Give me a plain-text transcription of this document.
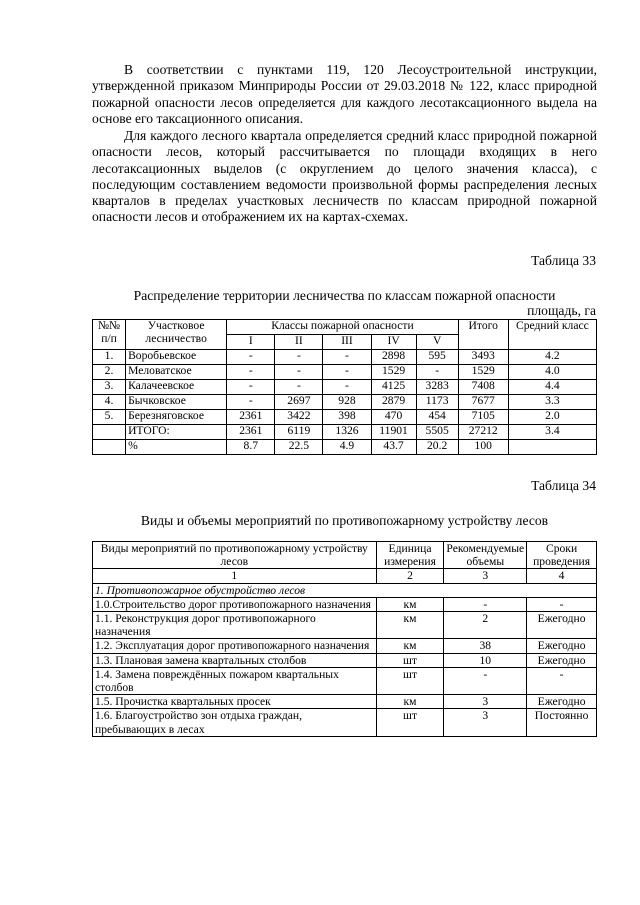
В соответствии с пунктами 119, 120 Лесоустроительной инструкции, утвержденной приказом Минприроды России от 29.03.2018 № 122, класс природной пожарной опасности лесов определяется для каждого лесотаксационного выдела на основе его таксационного описания.

Для каждого лесного квартала определяется средний класс природной пожарной опасности лесов, который рассчитывается по площади входящих в него лесотаксационных выделов (с округлением до целого значения класса), с последующим составлением ведомости произвольной формы распределения лесных кварталов в пределах участковых лесничеств по классам природной пожарной опасности лесов и отображением их на картах-схемах.

Таблица 33

Распределение территории лесничества по классам пожарной опасности

площадь, га

№№ п/п	Участковое лесничество	Классы пожарной опасности					Итого	Средний класс
		I	II	III	IV	V		
1.	Воробьевское	-	-	-	2898	595	3493	4.2
2.	Меловатское	-	-	-	1529	-	1529	4.0
3.	Калачеевское	-	-	-	4125	3283	7408	4.4
4.	Бычковское	-	2697	928	2879	1173	7677	3.3
5.	Березняговское	2361	3422	398	470	454	7105	2.0
	ИТОГО:	2361	6119	1326	11901	5505	27212	3.4
	%	8.7	22.5	4.9	43.7	20.2	100	

Таблица 34

Виды и объемы мероприятий по противопожарному устройству лесов

Виды мероприятий по противопожарному устройству лесов	Единица измерения	Рекомендуемые объемы	Сроки проведения
1	2	3	4
1. Противопожарное обустройство лесов			
1.0.Строительство дорог противопожарного назначения	км	-	-
1.1. Реконструкция дорог противопожарного назначения	км	2	Ежегодно
1.2. Эксплуатация дорог противопожарного назначения	км	38	Ежегодно
1.3. Плановая замена квартальных столбов	шт	10	Ежегодно
1.4. Замена повреждённых пожаром квартальных столбов	шт	-	-
1.5. Прочистка квартальных просек	км	3	Ежегодно
1.6. Благоустройство зон отдыха граждан, пребывающих в лесах	шт	3	Постоянно
